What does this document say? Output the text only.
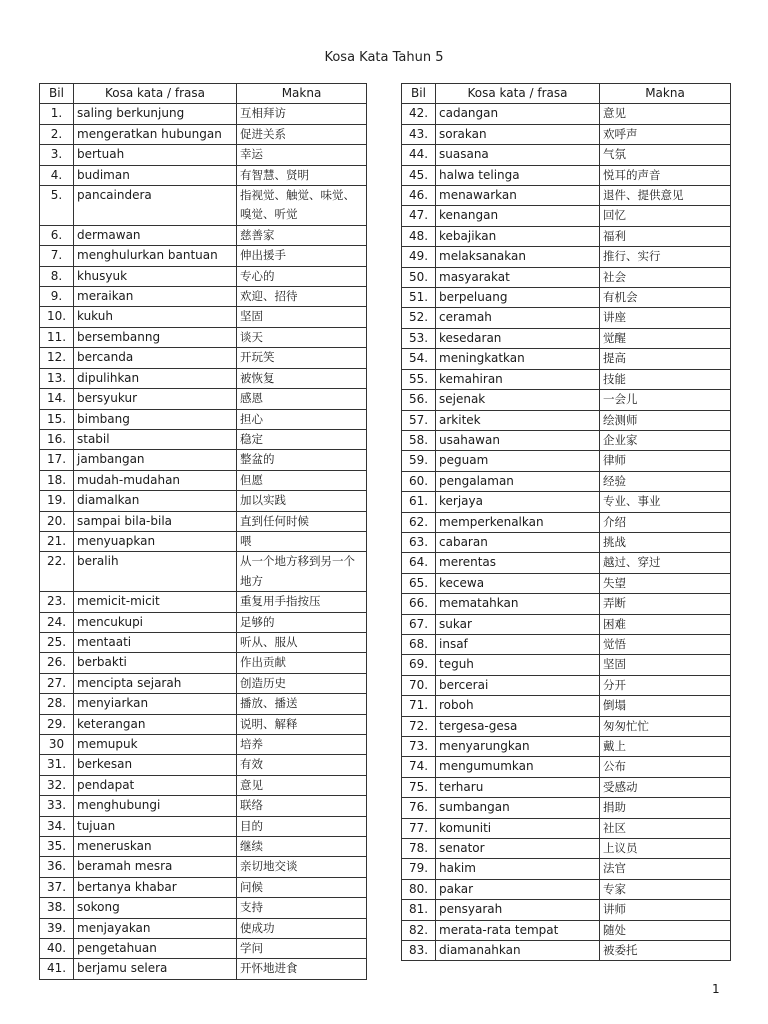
Kosa Kata Tahun 5
Bil	Kosa kata / frasa	Makna
1.	saling berkunjung	互相拜访
2.	mengeratkan hubungan	促进关系
3.	bertuah	幸运
4.	budiman	有智慧、贤明
5.	pancaindera	指视觉、触觉、味觉、嗅觉、听觉
6.	dermawan	慈善家
7.	menghulurkan bantuan	伸出援手
8.	khusyuk	专心的
9.	meraikan	欢迎、招待
10.	kukuh	坚固
11.	bersembanng	谈天
12.	bercanda	开玩笑
13.	dipulihkan	被恢复
14.	bersyukur	感恩
15.	bimbang	担心
16.	stabil	稳定
17.	jambangan	整盆的
18.	mudah-mudahan	但愿
19.	diamalkan	加以实践
20.	sampai bila-bila	直到任何时候
21.	menyuapkan	喂
22.	beralih	从一个地方移到另一个地方
23.	memicit-micit	重复用手指按压
24.	mencukupi	足够的
25.	mentaati	听从、服从
26.	berbakti	作出贡献
27.	mencipta sejarah	创造历史
28.	menyiarkan	播放、播送
29.	keterangan	说明、解释
30	memupuk	培养
31.	berkesan	有效
32.	pendapat	意见
33.	menghubungi	联络
34.	tujuan	目的
35.	meneruskan	继续
36.	beramah mesra	亲切地交谈
37.	bertanya khabar	问候
38.	sokong	支持
39.	menjayakan	使成功
40.	pengetahuan	学问
41.	berjamu selera	开怀地进食
Bil	Kosa kata / frasa	Makna
42.	cadangan	意见
43.	sorakan	欢呼声
44.	suasana	气氛
45.	halwa telinga	悦耳的声音
46.	menawarkan	退件、提供意见
47.	kenangan	回忆
48.	kebajikan	福利
49.	melaksanakan	推行、实行
50.	masyarakat	社会
51.	berpeluang	有机会
52.	ceramah	讲座
53.	kesedaran	觉醒
54.	meningkatkan	提高
55.	kemahiran	技能
56.	sejenak	一会儿
57.	arkitek	绘测师
58.	usahawan	企业家
59.	peguam	律师
60.	pengalaman	经验
61.	kerjaya	专业、事业
62.	memperkenalkan	介绍
63.	cabaran	挑战
64.	merentas	越过、穿过
65.	kecewa	失望
66.	mematahkan	弄断
67.	sukar	困难
68.	insaf	觉悟
69.	teguh	坚固
70.	bercerai	分开
71.	roboh	倒塌
72.	tergesa-gesa	匆匆忙忙
73.	menyarungkan	戴上
74.	mengumumkan	公布
75.	terharu	受感动
76.	sumbangan	捐助
77.	komuniti	社区
78.	senator	上议员
79.	hakim	法官
80.	pakar	专家
81.	pensyarah	讲师
82.	merata-rata tempat	随处
83.	diamanahkan	被委托
1
